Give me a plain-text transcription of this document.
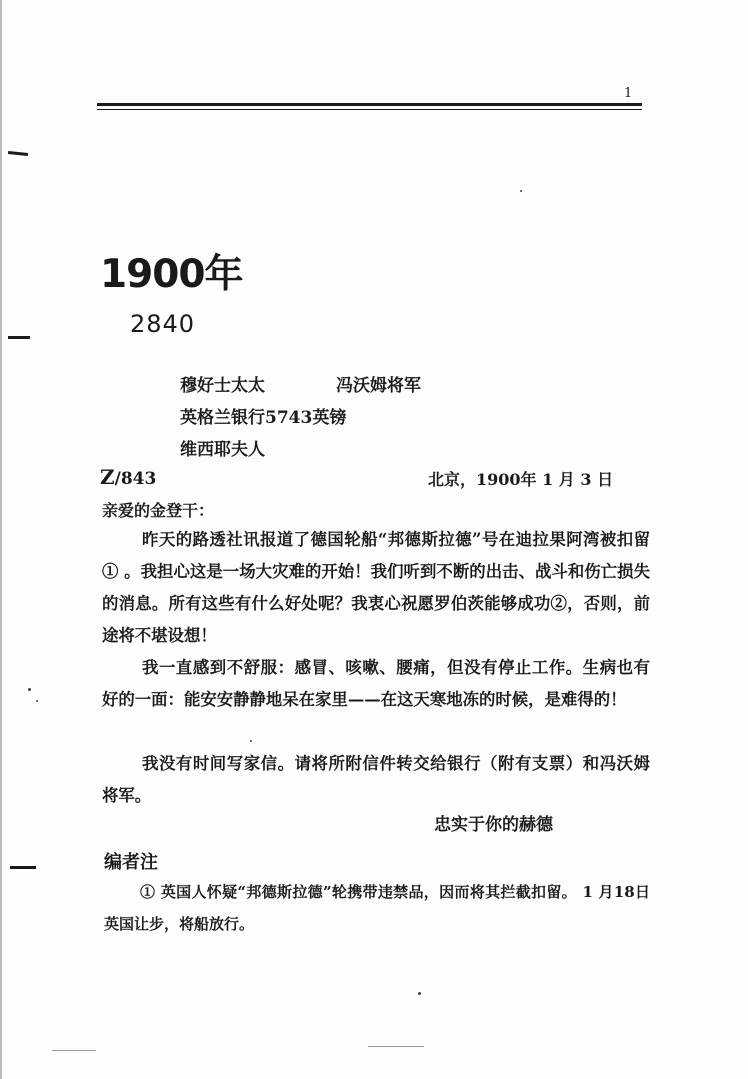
1
1900年
2840
穆好士太太	冯沃姆将军
英格兰银行5743英镑
维西耶夫人
Z/843	北京，1900年 1 月 3 日
亲爱的金登干：

昨天的路透社讯报道了德国轮船“邦德斯拉德”号在迪拉果阿湾被扣留① 。我担心这是一场大灾难的开始！我们听到不断的出击、战斗和伤亡损失的消息。所有这些有什么好处呢？我衷心祝愿罗伯茨能够成功②，否则，前途将不堪设想！

我一直感到不舒服：感冒、咳嗽、腰痛，但没有停止工作。生病也有好的一面：能安安静静地呆在家里——在这天寒地冻的时候，是难得的！

我没有时间写家信。请将所附信件转交给银行（附有支票）和冯沃姆将军。

忠实于你的赫德
编者注

① 英国人怀疑“邦德斯拉德”轮携带违禁品，因而将其拦截扣留。 1 月18日英国让步，将船放行。
